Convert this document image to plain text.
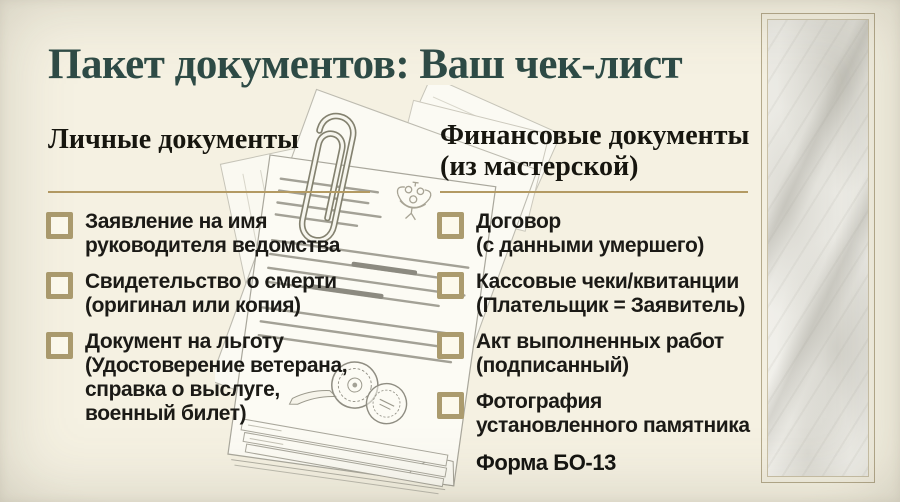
Пакет документов: Ваш чек-лист
Личные документы	Финансовые документы
(из мастерской)
Заявление на имя
руководителя ведомства
Свидетельство о смерти
(оригинал или копия)
Документ на льготу
(Удостоверение ветерана,
справка о выслуге,
военный билет)
Договор
(с данными умершего)
Кассовые чеки/квитанции
(Плательщик = Заявитель)
Акт выполненных работ
(подписанный)
Фотография
установленного памятника
Форма БО-13
